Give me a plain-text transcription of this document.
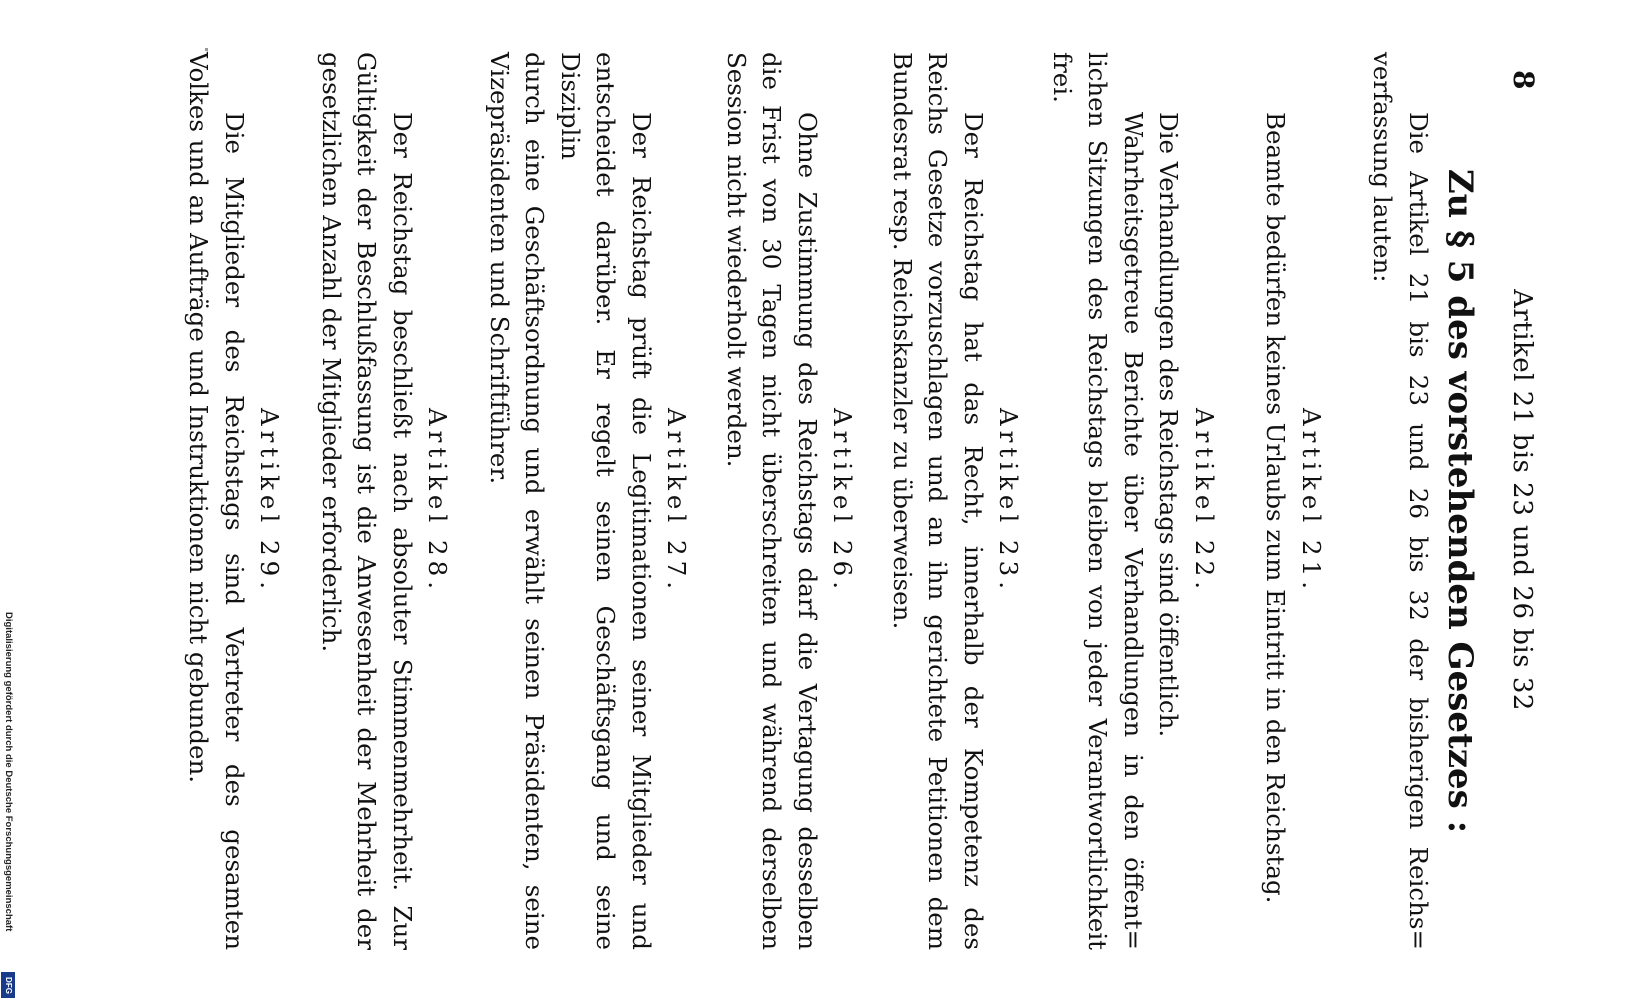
8
Artikel 21 bis 23 und 26 bis 32
Zu § 5 des vorstehenden Gesetzes :
Die Artikel 21 bis 23 und 26 bis 32 der bisherigen Reichs=
verfassung lauten:
Artikel 21.
Beamte bedürfen keines Urlaubs zum Eintritt in den Reichstag.
Artikel 22.
Die Verhandlungen des Reichstags sind öffentlich.
Wahrheitsgetreue Berichte über Verhandlungen in den öffent=
lichen Sitzungen des Reichstags bleiben von jeder Verantwortlichkeit
frei.
Artikel 23.
Der Reichstag hat das Recht, innerhalb der Kompetenz des
Reichs Gesetze vorzuschlagen und an ihn gerichtete Petitionen dem
Bundesrat resp. Reichskanzler zu überweisen.
Artikel 26.
Ohne Zustimmung des Reichstags darf die Vertagung desselben
die Frist von 30 Tagen nicht überschreiten und während derselben
Session nicht wiederholt werden.
Artikel 27.
Der Reichstag prüft die Legitimationen seiner Mitglieder und
entscheidet darüber. Er regelt seinen Geschäftsgang und seine Disziplin
durch eine Geschäftsordnung und erwählt seinen Präsidenten, seine
Vizepräsidenten und Schriftführer.
Artikel 28.
Der Reichstag beschließt nach absoluter Stimmenmehrheit. Zur
Gültigkeit der Beschlußfassung ist die Anwesenheit der Mehrheit der
gesetzlichen Anzahl der Mitglieder erforderlich.
Artikel 29.
Die Mitglieder des Reichstags sind Vertreter des gesamten
Volkes und an Aufträge und Instruktionen nicht gebunden.
Digitalisierung gefördert durch die Deutsche Forschungsgemeinschaft
DFG
